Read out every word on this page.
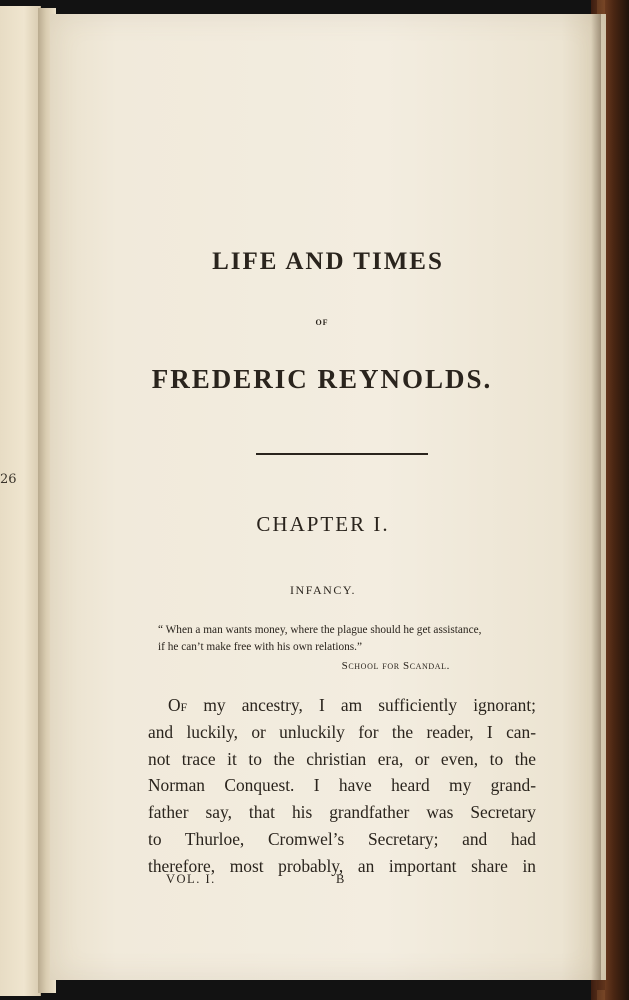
26
LIFE AND TIMES
OF
FREDERIC REYNOLDS.
CHAPTER I.
INFANCY.
“ When a man wants money, where the plague should he get assistance,
if he can’t make free with his own relations.”
School for Scandal.
Of my ancestry, I am sufficiently ignorant;
and luckily, or unluckily for the reader, I can-
not trace it to the christian era, or even, to the
Norman Conquest. I have heard my grand-
father say, that his grandfather was Secretary
to Thurloe, Cromwel’s Secretary; and had
therefore, most probably, an important share in
VOL. I.	B
